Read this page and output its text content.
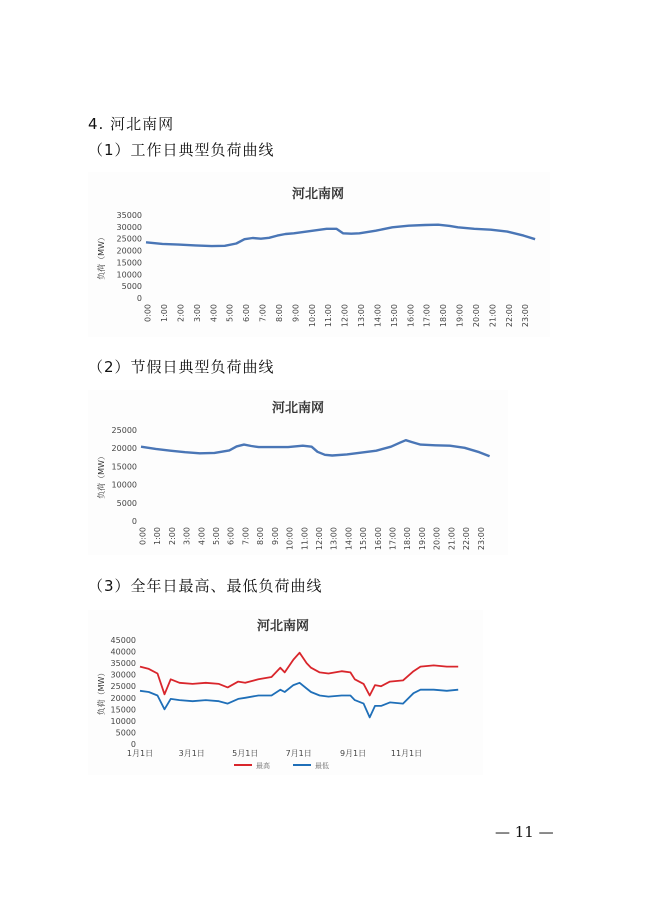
4. 河北南网
（1）工作日典型负荷曲线
河北南网
35000
30000
25000
20000
15000
10000
5000
0
负荷（MW）
0:00 1:00 2:00 3:00 4:00 5:00 6:00 7:00 8:00 9:00 10:00 11:00 12:00 13:00 14:00 15:00 16:00 17:00 18:00 19:00 20:00 21:00 22:00 23:00
（2）节假日典型负荷曲线
河北南网
25000
20000
15000
10000
5000
0
负荷（MW）
0:00 1:00 2:00 3:00 4:00 5:00 6:00 7:00 8:00 9:00 10:00 11:00 12:00 13:00 14:00 15:00 16:00 17:00 18:00 19:00 20:00 21:00 22:00 23:00
（3）全年日最高、最低负荷曲线
河北南网
45000
40000
35000
30000
25000
20000
15000
10000
5000
0
负荷（MW）
1月1日	3月1日	5月1日	7月1日	9月1日	11月1日
最高	最低
— 11 —
